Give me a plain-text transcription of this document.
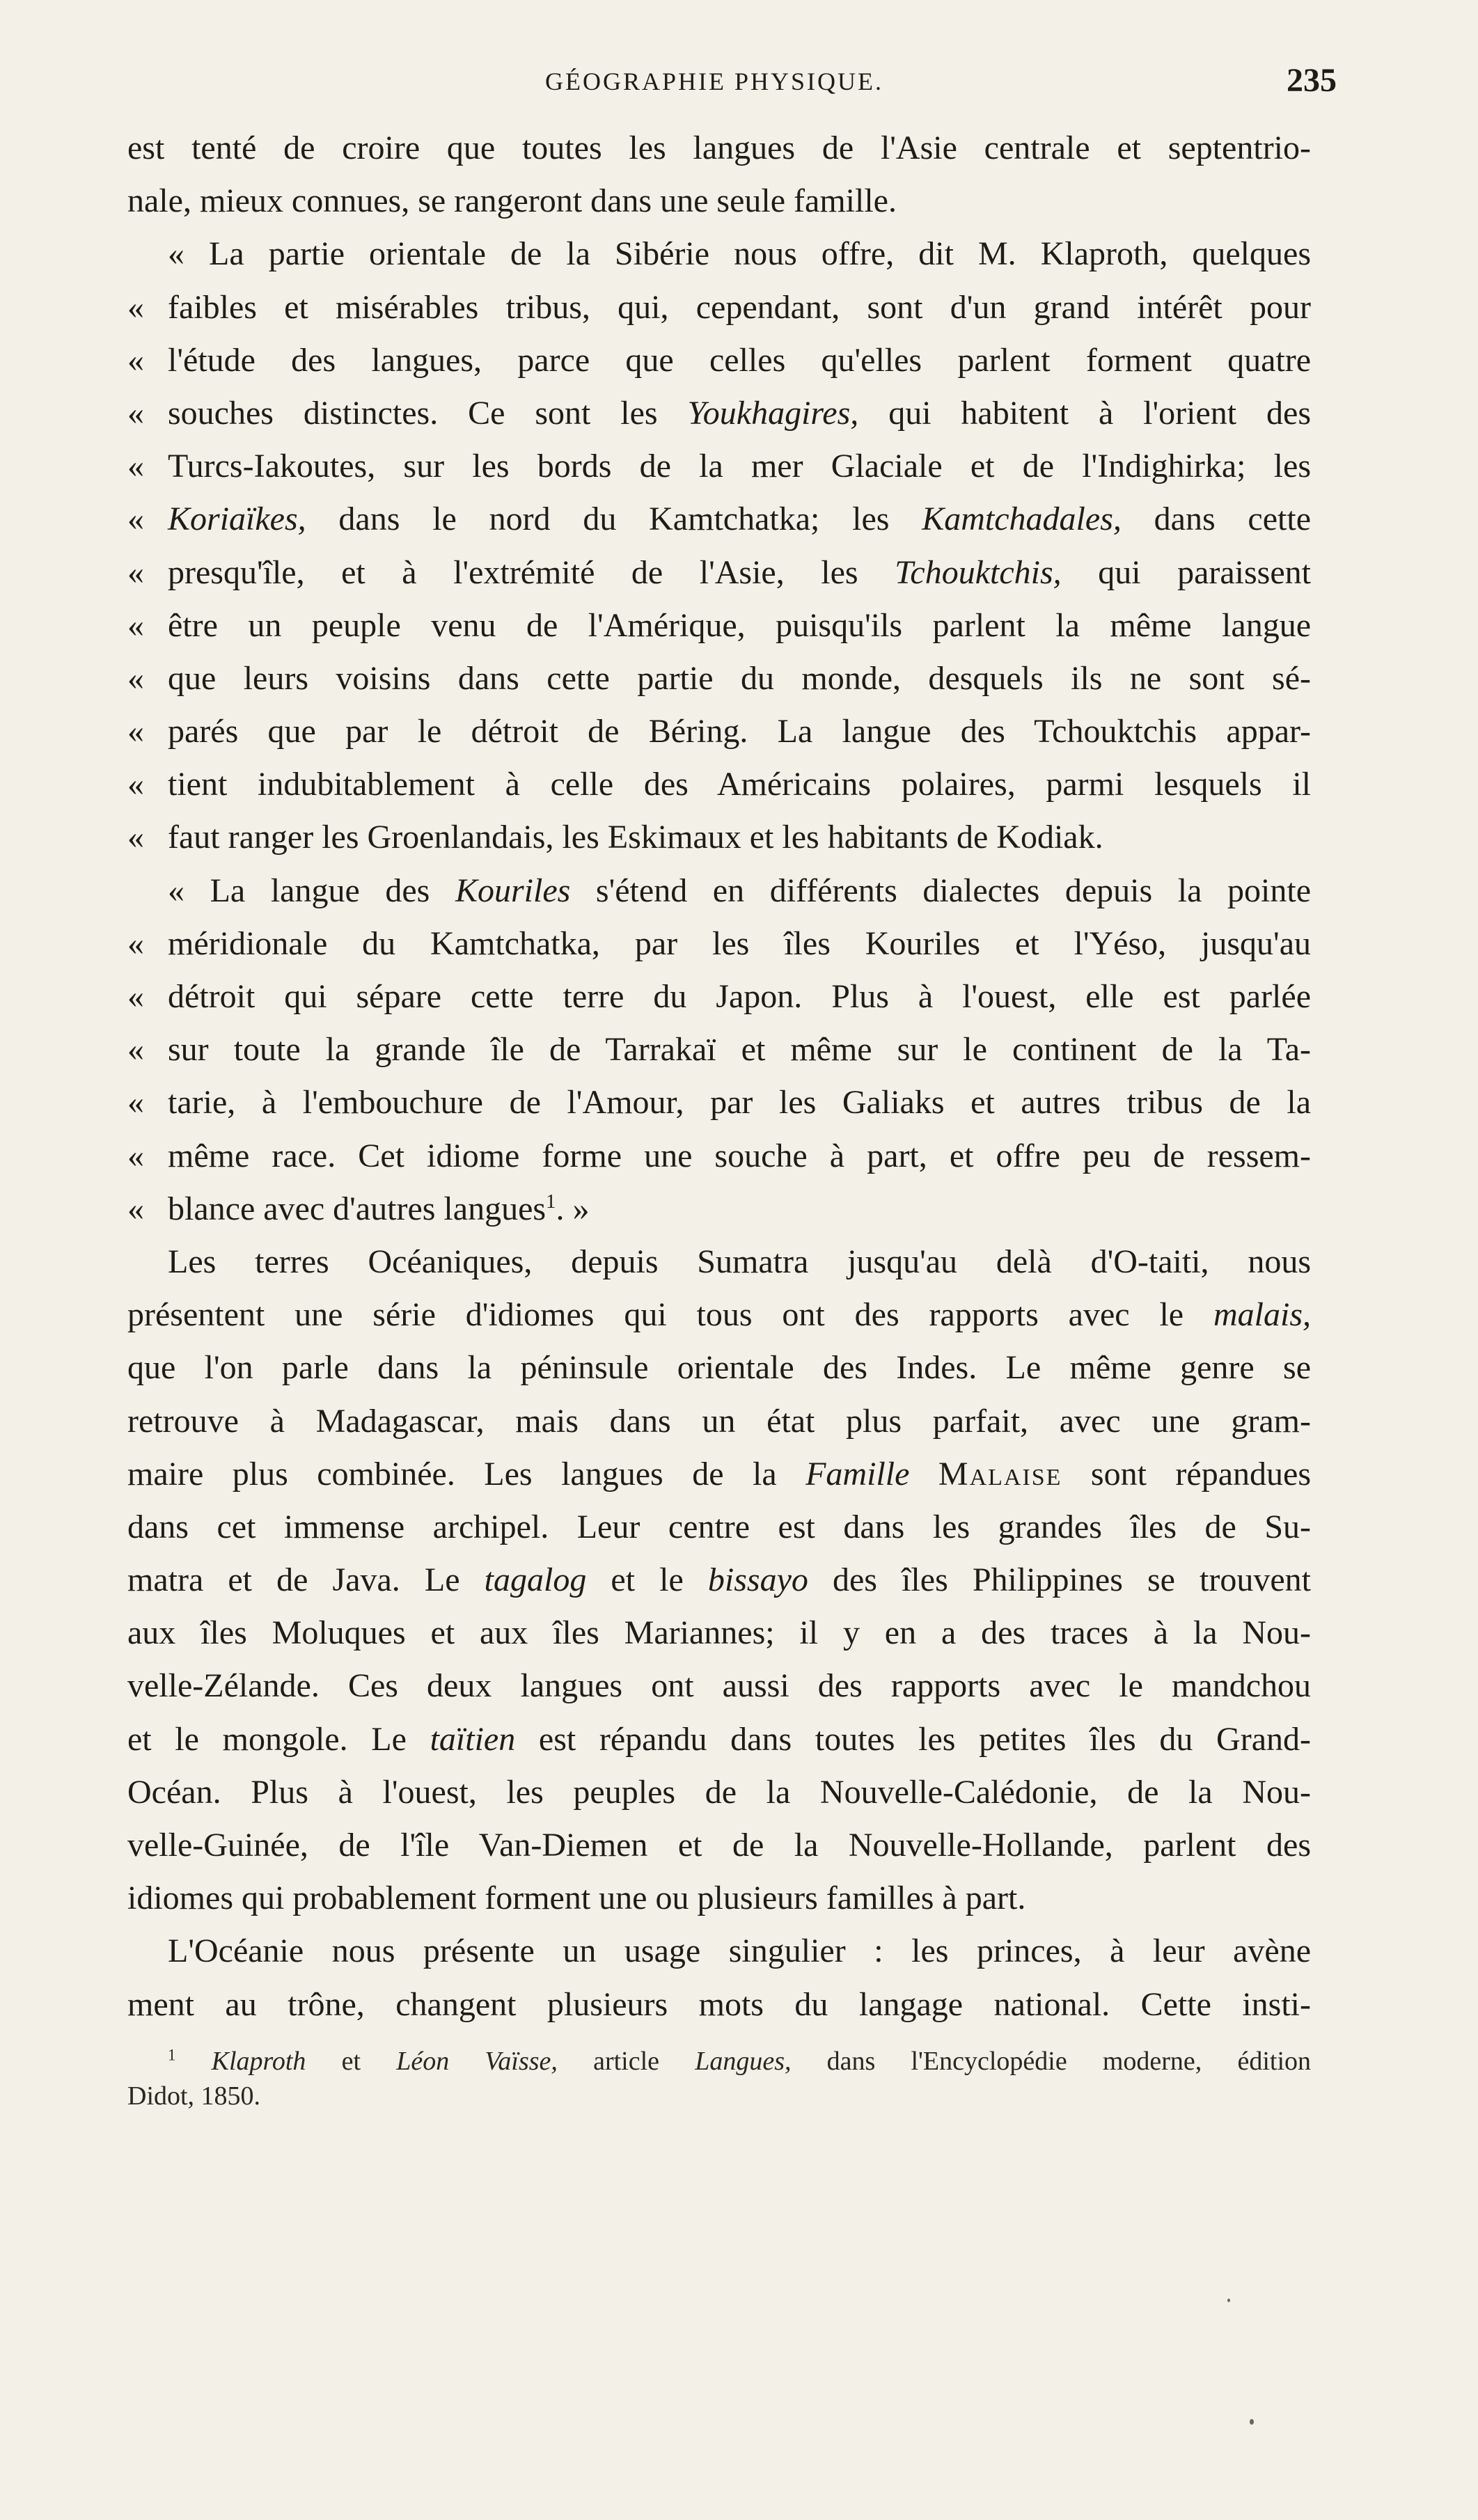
GÉOGRAPHIE PHYSIQUE.	235
est tenté de croire que toutes les langues de l'Asie centrale et septentrio-
nale, mieux connues, se rangeront dans une seule famille.
« La partie orientale de la Sibérie nous offre, dit M. Klaproth, quelques
« faibles et misérables tribus, qui, cependant, sont d'un grand intérêt pour
« l'étude des langues, parce que celles qu'elles parlent forment quatre
« souches distinctes. Ce sont les Youkhagires, qui habitent à l'orient des
« Turcs-Iakoutes, sur les bords de la mer Glaciale et de l'Indighirka; les
« Koriaïkes, dans le nord du Kamtchatka; les Kamtchadales, dans cette
« presqu'île, et à l'extrémité de l'Asie, les Tchouktchis, qui paraissent
« être un peuple venu de l'Amérique, puisqu'ils parlent la même langue
« que leurs voisins dans cette partie du monde, desquels ils ne sont sé-
« parés que par le détroit de Béring. La langue des Tchouktchis appar-
« tient indubitablement à celle des Américains polaires, parmi lesquels il
« faut ranger les Groenlandais, les Eskimaux et les habitants de Kodiak.
« La langue des Kouriles s'étend en différents dialectes depuis la pointe
« méridionale du Kamtchatka, par les îles Kouriles et l'Yéso, jusqu'au
« détroit qui sépare cette terre du Japon. Plus à l'ouest, elle est parlée
« sur toute la grande île de Tarrakaï et même sur le continent de la Ta-
« tarie, à l'embouchure de l'Amour, par les Galiaks et autres tribus de la
« même race. Cet idiome forme une souche à part, et offre peu de ressem-
« blance avec d'autres langues$^1$. »
Les terres Océaniques, depuis Sumatra jusqu'au delà d'O-taiti, nous
présentent une série d'idiomes qui tous ont des rapports avec le malais,
que l'on parle dans la péninsule orientale des Indes. Le même genre se
retrouve à Madagascar, mais dans un état plus parfait, avec une gram-
maire plus combinée. Les langues de la Famille Malaise sont répandues
dans cet immense archipel. Leur centre est dans les grandes îles de Su-
matra et de Java. Le tagalog et le bissayo des îles Philippines se trouvent
aux îles Moluques et aux îles Mariannes; il y en a des traces à la Nou-
velle-Zélande. Ces deux langues ont aussi des rapports avec le mandchou
et le mongole. Le taïtien est répandu dans toutes les petites îles du Grand-
Océan. Plus à l'ouest, les peuples de la Nouvelle-Calédonie, de la Nou-
velle-Guinée, de l'île Van-Diemen et de la Nouvelle-Hollande, parlent des
idiomes qui probablement forment une ou plusieurs familles à part.
L'Océanie nous présente un usage singulier : les princes, à leur avène
ment au trône, changent plusieurs mots du langage national. Cette insti-
$^1$ Klaproth et Léon Vaïsse, article Langues, dans l'Encyclopédie moderne, édition
Didot, 1850.
